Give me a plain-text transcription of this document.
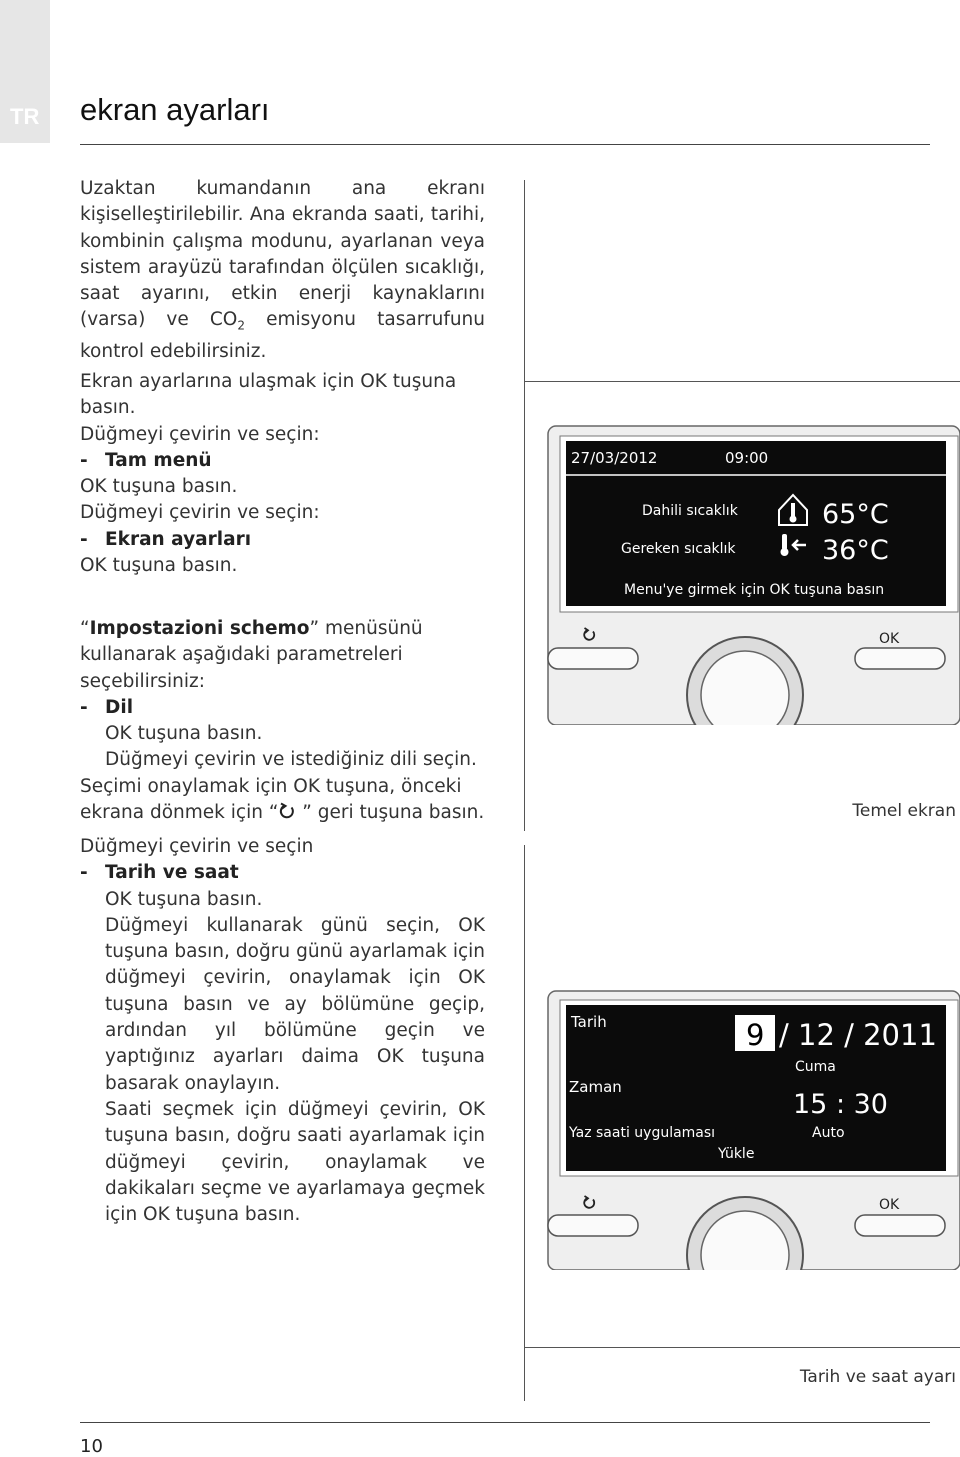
TR ekran ayarları

Uzaktan kumandanın ana ekranı kişiselleştirilebilir. Ana ekranda saati, tarihi, kombinin çalışma modunu, ayarlanan veya sistem arayüzü tarafından ölçülen sıcaklığı, saat ayarını, etkin enerji kaynaklarını (varsa) ve $CO_2$ emisyonu tasarrufunu kontrol edebilirsiniz.

Ekran ayarlarına ulaşmak için OK tuşuna basın.

Düğmeyi çevirin ve seçin:

- Tam menü

OK tuşuna basın.

Düğmeyi çevirin ve seçin:

- Ekran ayarları

OK tuşuna basın.

“Impostazioni schemo” menüsünü kullanarak aşağıdaki parametreleri seçebilirsiniz:

- Dil

OK tuşuna basın.

Düğmeyi çevirin ve istediğiniz dili seçin.

Seçimi onaylamak için OK tuşuna, önceki ekrana dönmek için “ ” geri tuşuna basın.

Düğmeyi çevirin ve seçin

- Tarih ve saat

OK tuşuna basın.

Düğmeyi kullanarak günü seçin, OK tuşuna basın, doğru günü ayarlamak için düğmeyi çevirin, onaylamak için OK tuşuna basın ve ay bölümüne geçip, ardından yıl bölümüne geçin ve yaptığınız ayarları daima OK tuşuna basarak onaylayın.

Saati seçmek için düğmeyi çevirin, OK tuşuna basın, doğru saati ayarlamak için düğmeyi çevirin, onaylamak ve dakikaları seçme ve ayarlamaya geçmek için OK tuşuna basın.

27/03/2012	09:00
Dahili sıcaklık
Gereken sıcaklık
65°C
36°C
Menu'ye girmek için OK tuşuna basın
OK
Temel ekran
Tarih	9 / 12 / 2011
Cuma
Zaman
15 : 30
Yaz saati uygulaması	Auto
Yükle
OK
Tarih ve saat ayarı
10
